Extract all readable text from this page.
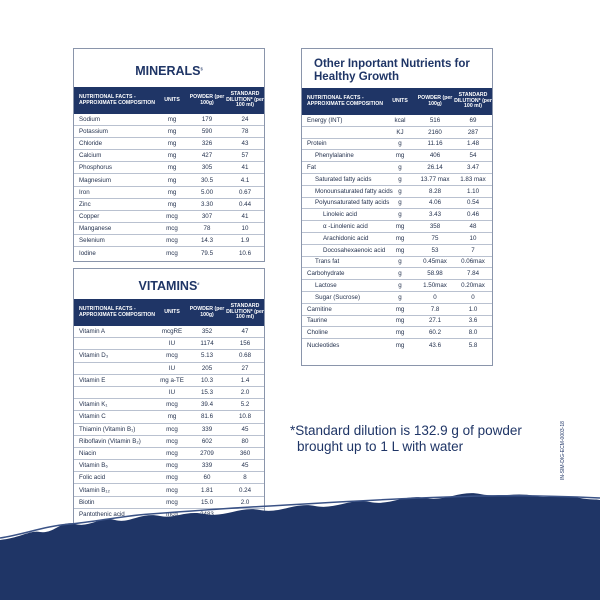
MINERALS§
NUTRITIONAL FACTS - APPROXIMATE COMPOSITION	UNITS	POWDER (per 100g)
STANDARD DILUTION* (per 100 ml)
Sodium	mg	179	24
Potassium	mg	590	78
Chloride	mg	326	43
Calcium	mg	427	57
Phosphorus	mg	305	41
Magnesium	mg	30.5	4.1
Iron	mg	5.00	0.67
Zinc	mg	3.30	0.44
Copper	mcg	307	41
Manganese	mcg	78	10
Selenium	mcg	14.3	1.9
Iodine	mcg	79.5	10.6
VITAMINS#
NUTRITIONAL FACTS - APPROXIMATE COMPOSITION	UNITS	POWDER (per 100g)
STANDARD DILUTION* (per 100 ml)
Vitamin A	mcgRE	352	47
IU	1174	156
Vitamin D₃	mcg	5.13	0.68
IU	205	27
Vitamin E	mg a-TE	10.3	1.4
IU	15.3	2.0
Vitamin K₁	mcg	39.4	5.2
Vitamin C	mg	81.6	10.8
Thiamin (Vitamin B₁)	mcg	339	45
Riboflavin (Vitamin B₂)	mcg	602	80
Niacin	mcg	2709	360
Vitamin B₆	mcg	339	45
Folic acid	mcg	60	8
Vitamin B₁₂	mcg	1.81	0.24
Biotin	mcg	15.0	2.0
Pantothenic acid	mcg
Other Inportant Nutrients for
Healthy Growth
NUTRITIONAL FACTS - APPROXIMATE COMPOSITION	UNITS	POWDER (per 100g)
STANDARD DILUTION* (per 100 ml)
Energy (INT)	kcal	516	69
KJ	2160	287
Protein	g	11.16	1.48
Phenylalanine	mg	406	54
Fat	g	26.14	3.47
Saturated fatty acids	g	13.77 max	1.83 max
Monounsaturated fatty acids g	8.28	1.10
Polyunsaturated fatty acids	g	4.06	0.54
Linoleic acid	g	3.43	0.46
α -Linolenic acid	mg	358	48
Arachidonic acid	mg	75	10
Docosahexaenoic acid	mg	53	7
Trans fat	g	0.45max	0.06max
Carbohydrate	g	58.98	7.84
Lactose	g	1.50max	0.20max
Sugar (Sucrose)	g	0	0
Carnitine	mg	7.8	1.0
Taurine	mg	27.1	3.6
Choline	mg	60.2	8.0
Nucleotides	mg	43.6	5.8
*Standard dilution is 132.9 g of powder
brought up to 1 L with water	IN-SIM-DIG-ECM-0003-18
